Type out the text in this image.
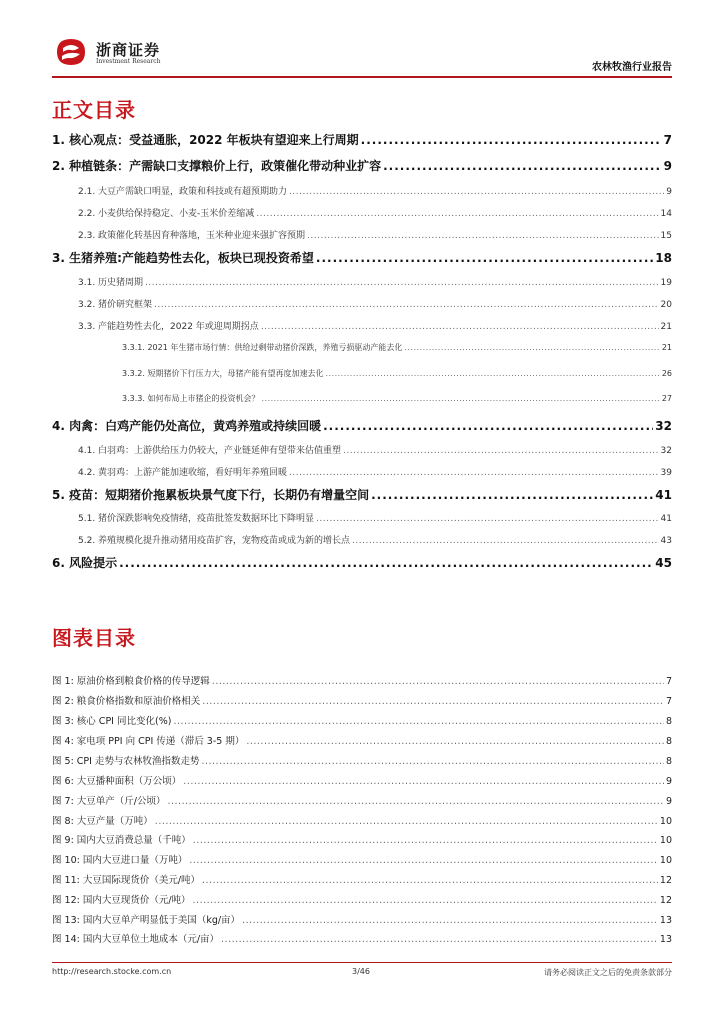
浙商证券
Investment Research
农林牧渔行业报告
正文目录
1. 核心观点：受益通胀，2022 年板块有望迎来上行周期 .....	7
2. 种植链条：产需缺口支撑粮价上行，政策催化带动种业扩容 .....	9
2.1. 大豆产需缺口明显，政策和科技或有超预期助力 .....	9
2.2. 小麦供给保持稳定、小麦-玉米价差缩减 .....	14
2.3. 政策催化转基因育种落地，玉米种业迎来强扩容预期 .....	15
3. 生猪养殖:产能趋势性去化，板块已现投资希望 .....	18
3.1. 历史猪周期 .....	19
3.2. 猪价研究框架 .....	20
3.3. 产能趋势性去化，2022 年或迎周期拐点 .....	21
3.3.1. 2021 年生猪市场行情：供给过剩带动猪价深跌，养殖亏损驱动产能去化 .....	21
3.3.2. 短期猪价下行压力大，母猪产能有望再度加速去化 .....	26
3.3.3. 如何布局上市猪企的投资机会？ .....	27
4. 肉禽：白鸡产能仍处高位，黄鸡养殖或持续回暖 .....	32
4.1. 白羽鸡：上游供给压力仍较大，产业链延伸有望带来估值重塑 .....	32
4.2. 黄羽鸡：上游产能加速收缩，看好明年养殖回暖 .....	39
5. 疫苗：短期猪价拖累板块景气度下行，长期仍有增量空间 .....	41
5.1. 猪价深跌影响免疫情绪，疫苗批签发数据环比下降明显 .....	41
5.2. 养殖规模化提升推动猪用疫苗扩容，宠物疫苗或成为新的增长点 .....	43
6. 风险提示 .....	45
图表目录
图 1: 原油价格到粮食价格的传导逻辑 .....	7
图 2: 粮食价格指数和原油价格相关 .....	7
图 3: 核心 CPI 同比变化(%) .....	8
图 4: 家电项 PPI 向 CPI 传递（滞后 3-5 期） .....	8
图 5: CPI 走势与农林牧渔指数走势 .....	8
图 6: 大豆播种面积（万公顷） .....	9
图 7: 大豆单产（斤/公顷） .....	9
图 8: 大豆产量（万吨） .....	10
图 9: 国内大豆消费总量（千吨） .....	10
图 10: 国内大豆进口量（万吨） .....	10
图 11: 大豆国际现货价（美元/吨） .....	12
图 12: 国内大豆现货价（元/吨） .....	12
图 13: 国内大豆单产明显低于美国（kg/亩） .....	13
图 14: 国内大豆单位土地成本（元/亩） .....	13
http://research.stocke.com.cn	3/46	请务必阅读正文之后的免责条款部分
